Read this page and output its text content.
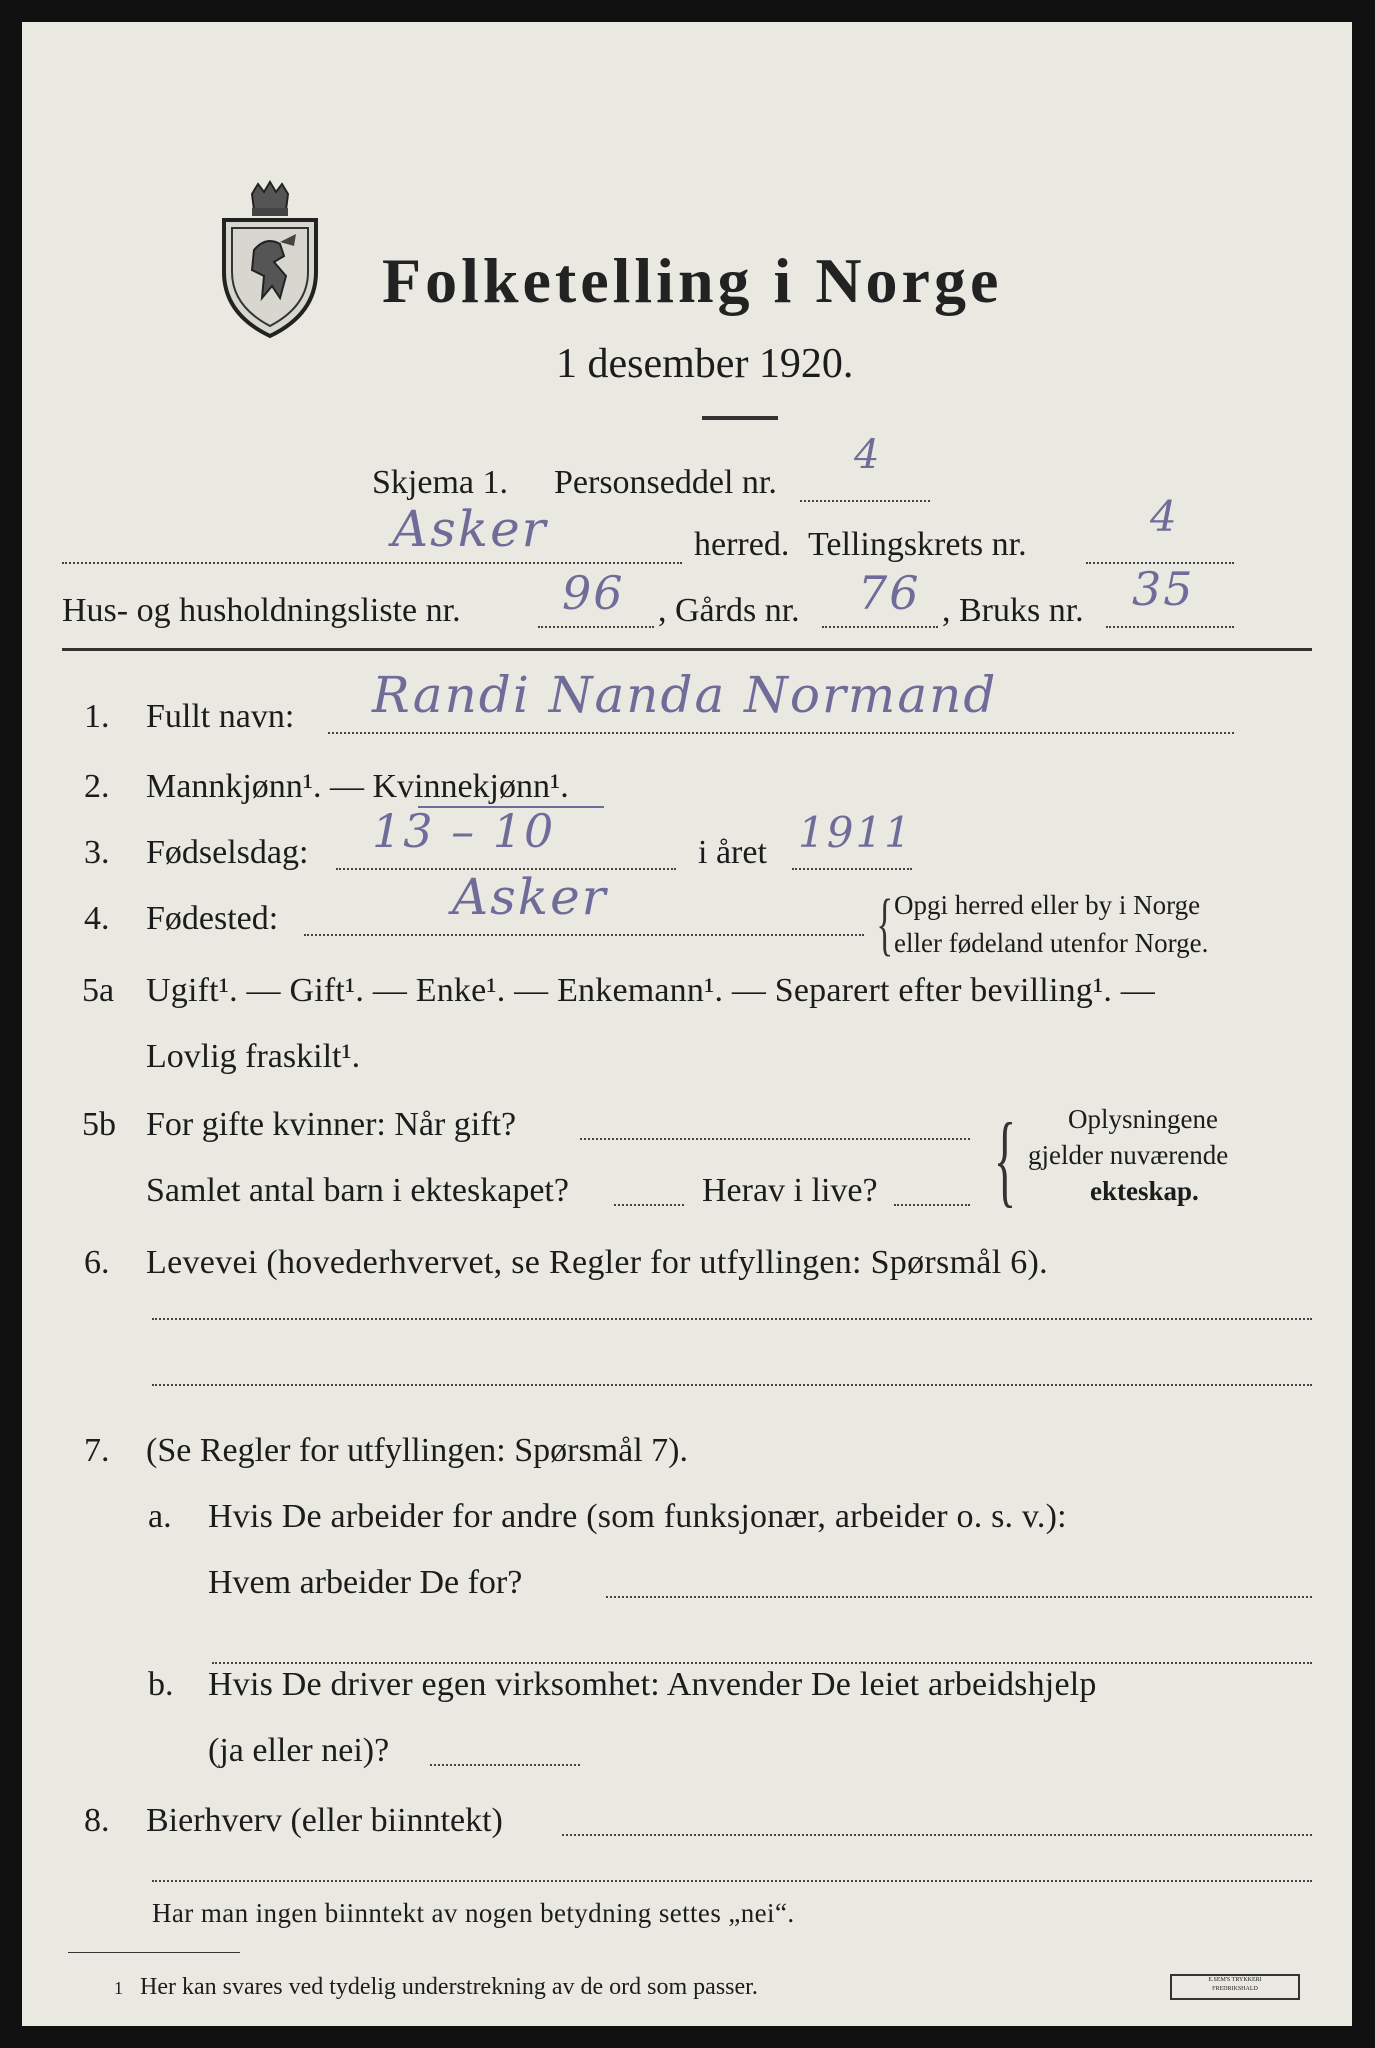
Folketelling i Norge
1 desember 1920.
Skjema 1. Personseddel nr.
4
Asker	herred. Tellingskrets nr.
4
Hus- og husholdningsliste nr. 96 , Gårds nr. 76 , Bruks nr. 35
1. Fullt navn: Randi Nanda Normand
2. Mannkjønn¹. — Kvinnekjønn¹.
3. Fødselsdag: 13 – 10	i året 1911
4. Fødested:	Asker	{ Opgi herred eller by i Norge
eller fødeland utenfor Norge.
5a Ugift¹. — Gift¹. — Enke¹. — Enkemann¹. — Separert efter bevilling¹. —
Lovlig fraskilt¹.
5b For gifte kvinner: Når gift?
Samlet antal barn i ekteskapet?	Herav i live? { Oplysningene
gjelder nuværende
ekteskap.
6. Levevei (hovederhvervet, se Regler for utfyllingen: Spørsmål 6).
7. (Se Regler for utfyllingen: Spørsmål 7).
a. Hvis De arbeider for andre (som funksjonær, arbeider o. s. v.):
Hvem arbeider De for?
b. Hvis De driver egen virksomhet: Anvender De leiet arbeidshjelp
(ja eller nei)?
8. Bierhverv (eller biinntekt)
Har man ingen biinntekt av nogen betydning settes „nei“.
1 Her kan svares ved tydelig understrekning av de ord som passer.	E.SEM'S TRYKKERI
FREDRIKSHALD
